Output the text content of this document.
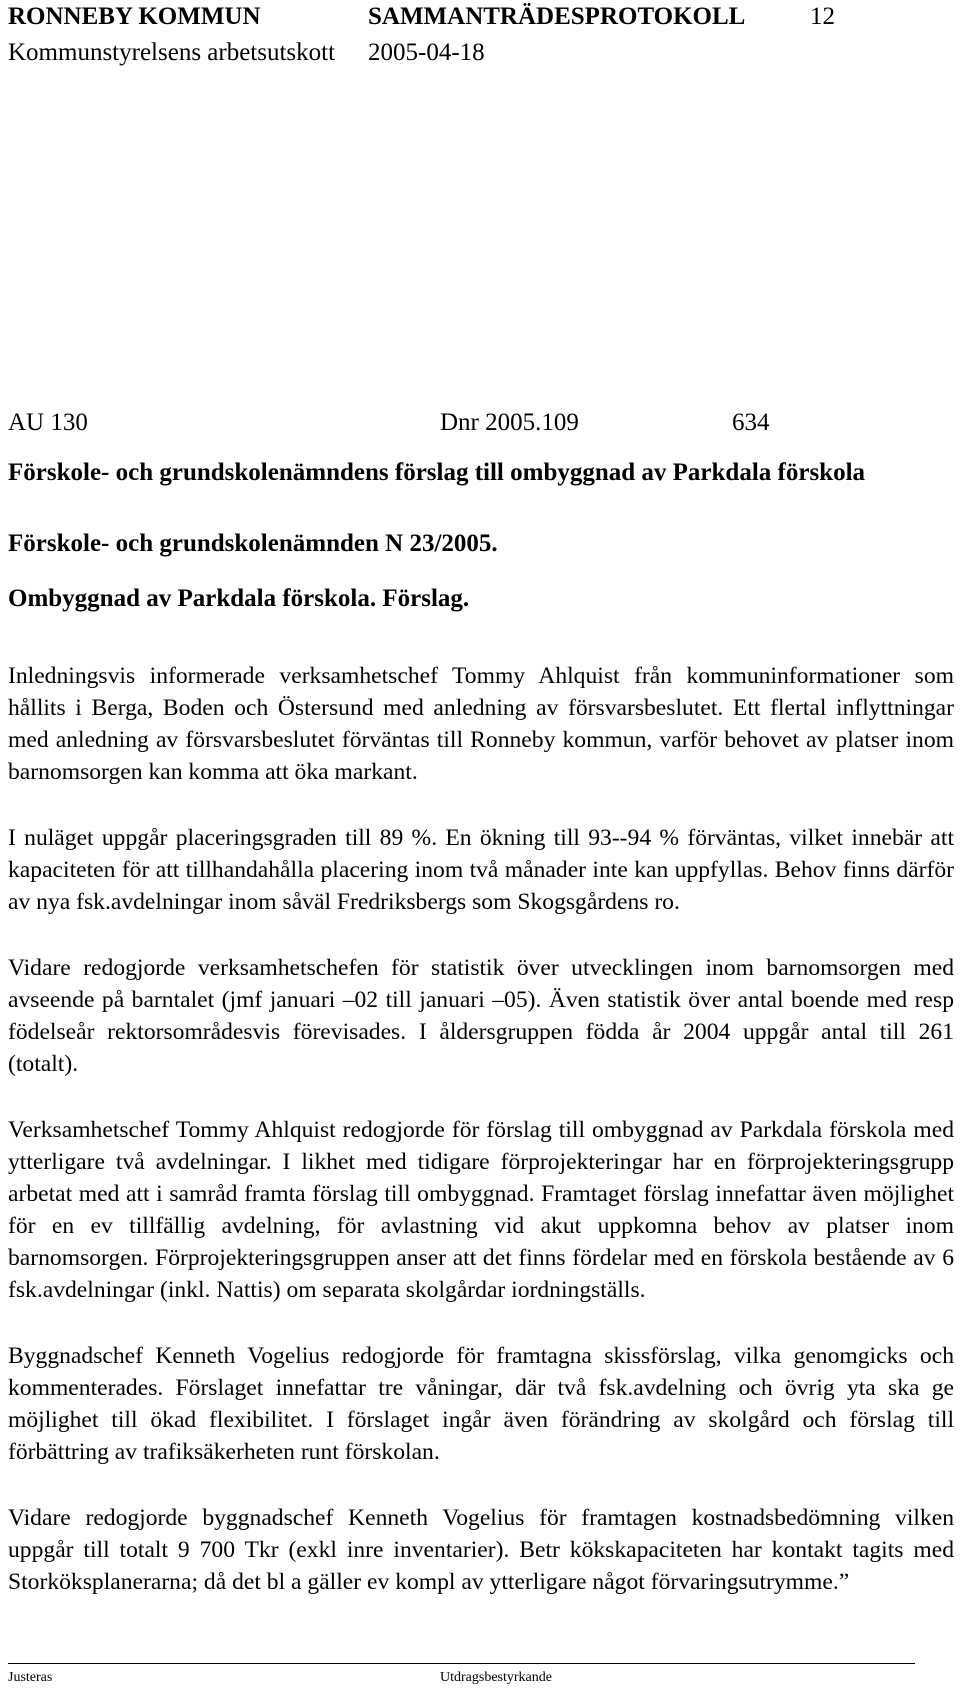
RONNEBY KOMMUN	SAMMANTRÄDESPROTOKOLL	12
Kommunstyrelsens arbetsutskott 2005-04-18
AU 130	Dnr 2005.109	634
Förskole- och grundskolenämndens förslag till ombyggnad av Parkdala förskola
Förskole- och grundskolenämnden N 23/2005.
Ombyggnad av Parkdala förskola. Förslag.

Inledningsvis informerade verksamhetschef Tommy Ahlquist från kommuninformationer som hållits i Berga, Boden och Östersund med anledning av försvarsbeslutet. Ett flertal inflyttningar med anledning av försvarsbeslutet förväntas till Ronneby kommun, varför behovet av platser inom barnomsorgen kan komma att öka markant.

I nuläget uppgår placeringsgraden till 89 %. En ökning till 93--94 % förväntas, vilket innebär att kapaciteten för att tillhandahålla placering inom två månader inte kan uppfyllas. Behov finns därför av nya fsk.avdelningar inom såväl Fredriksbergs som Skogsgårdens ro.

Vidare redogjorde verksamhetschefen för statistik över utvecklingen inom barnomsorgen med avseende på barntalet (jmf januari –02 till januari –05). Även statistik över antal boende med resp födelseår rektorsområdesvis förevisades. I åldersgruppen födda år 2004 uppgår antal till 261 (totalt).

Verksamhetschef Tommy Ahlquist redogjorde för förslag till ombyggnad av Parkdala förskola med ytterligare två avdelningar. I likhet med tidigare förprojekteringar har en förprojekteringsgrupp arbetat med att i samråd framta förslag till ombyggnad. Framtaget förslag innefattar även möjlighet för en ev tillfällig avdelning, för avlastning vid akut uppkomna behov av platser inom barnomsorgen. Förprojekteringsgruppen anser att det finns fördelar med en förskola bestående av 6 fsk.avdelningar (inkl. Nattis) om separata skolgårdar iordningställs.

Byggnadschef Kenneth Vogelius redogjorde för framtagna skissförslag, vilka genomgicks och kommenterades. Förslaget innefattar tre våningar, där två fsk.avdelning och övrig yta ska ge möjlighet till ökad flexibilitet. I förslaget ingår även förändring av skolgård och förslag till förbättring av trafiksäkerheten runt förskolan.

Vidare redogjorde byggnadschef Kenneth Vogelius för framtagen kostnadsbedömning vilken uppgår till totalt 9 700 Tkr (exkl inre inventarier). Betr kökskapaciteten har kontakt tagits med Storköksplanerarna; då det bl a gäller ev kompl av ytterligare något förvaringsutrymme.”

Justeras	Utdragsbestyrkande
